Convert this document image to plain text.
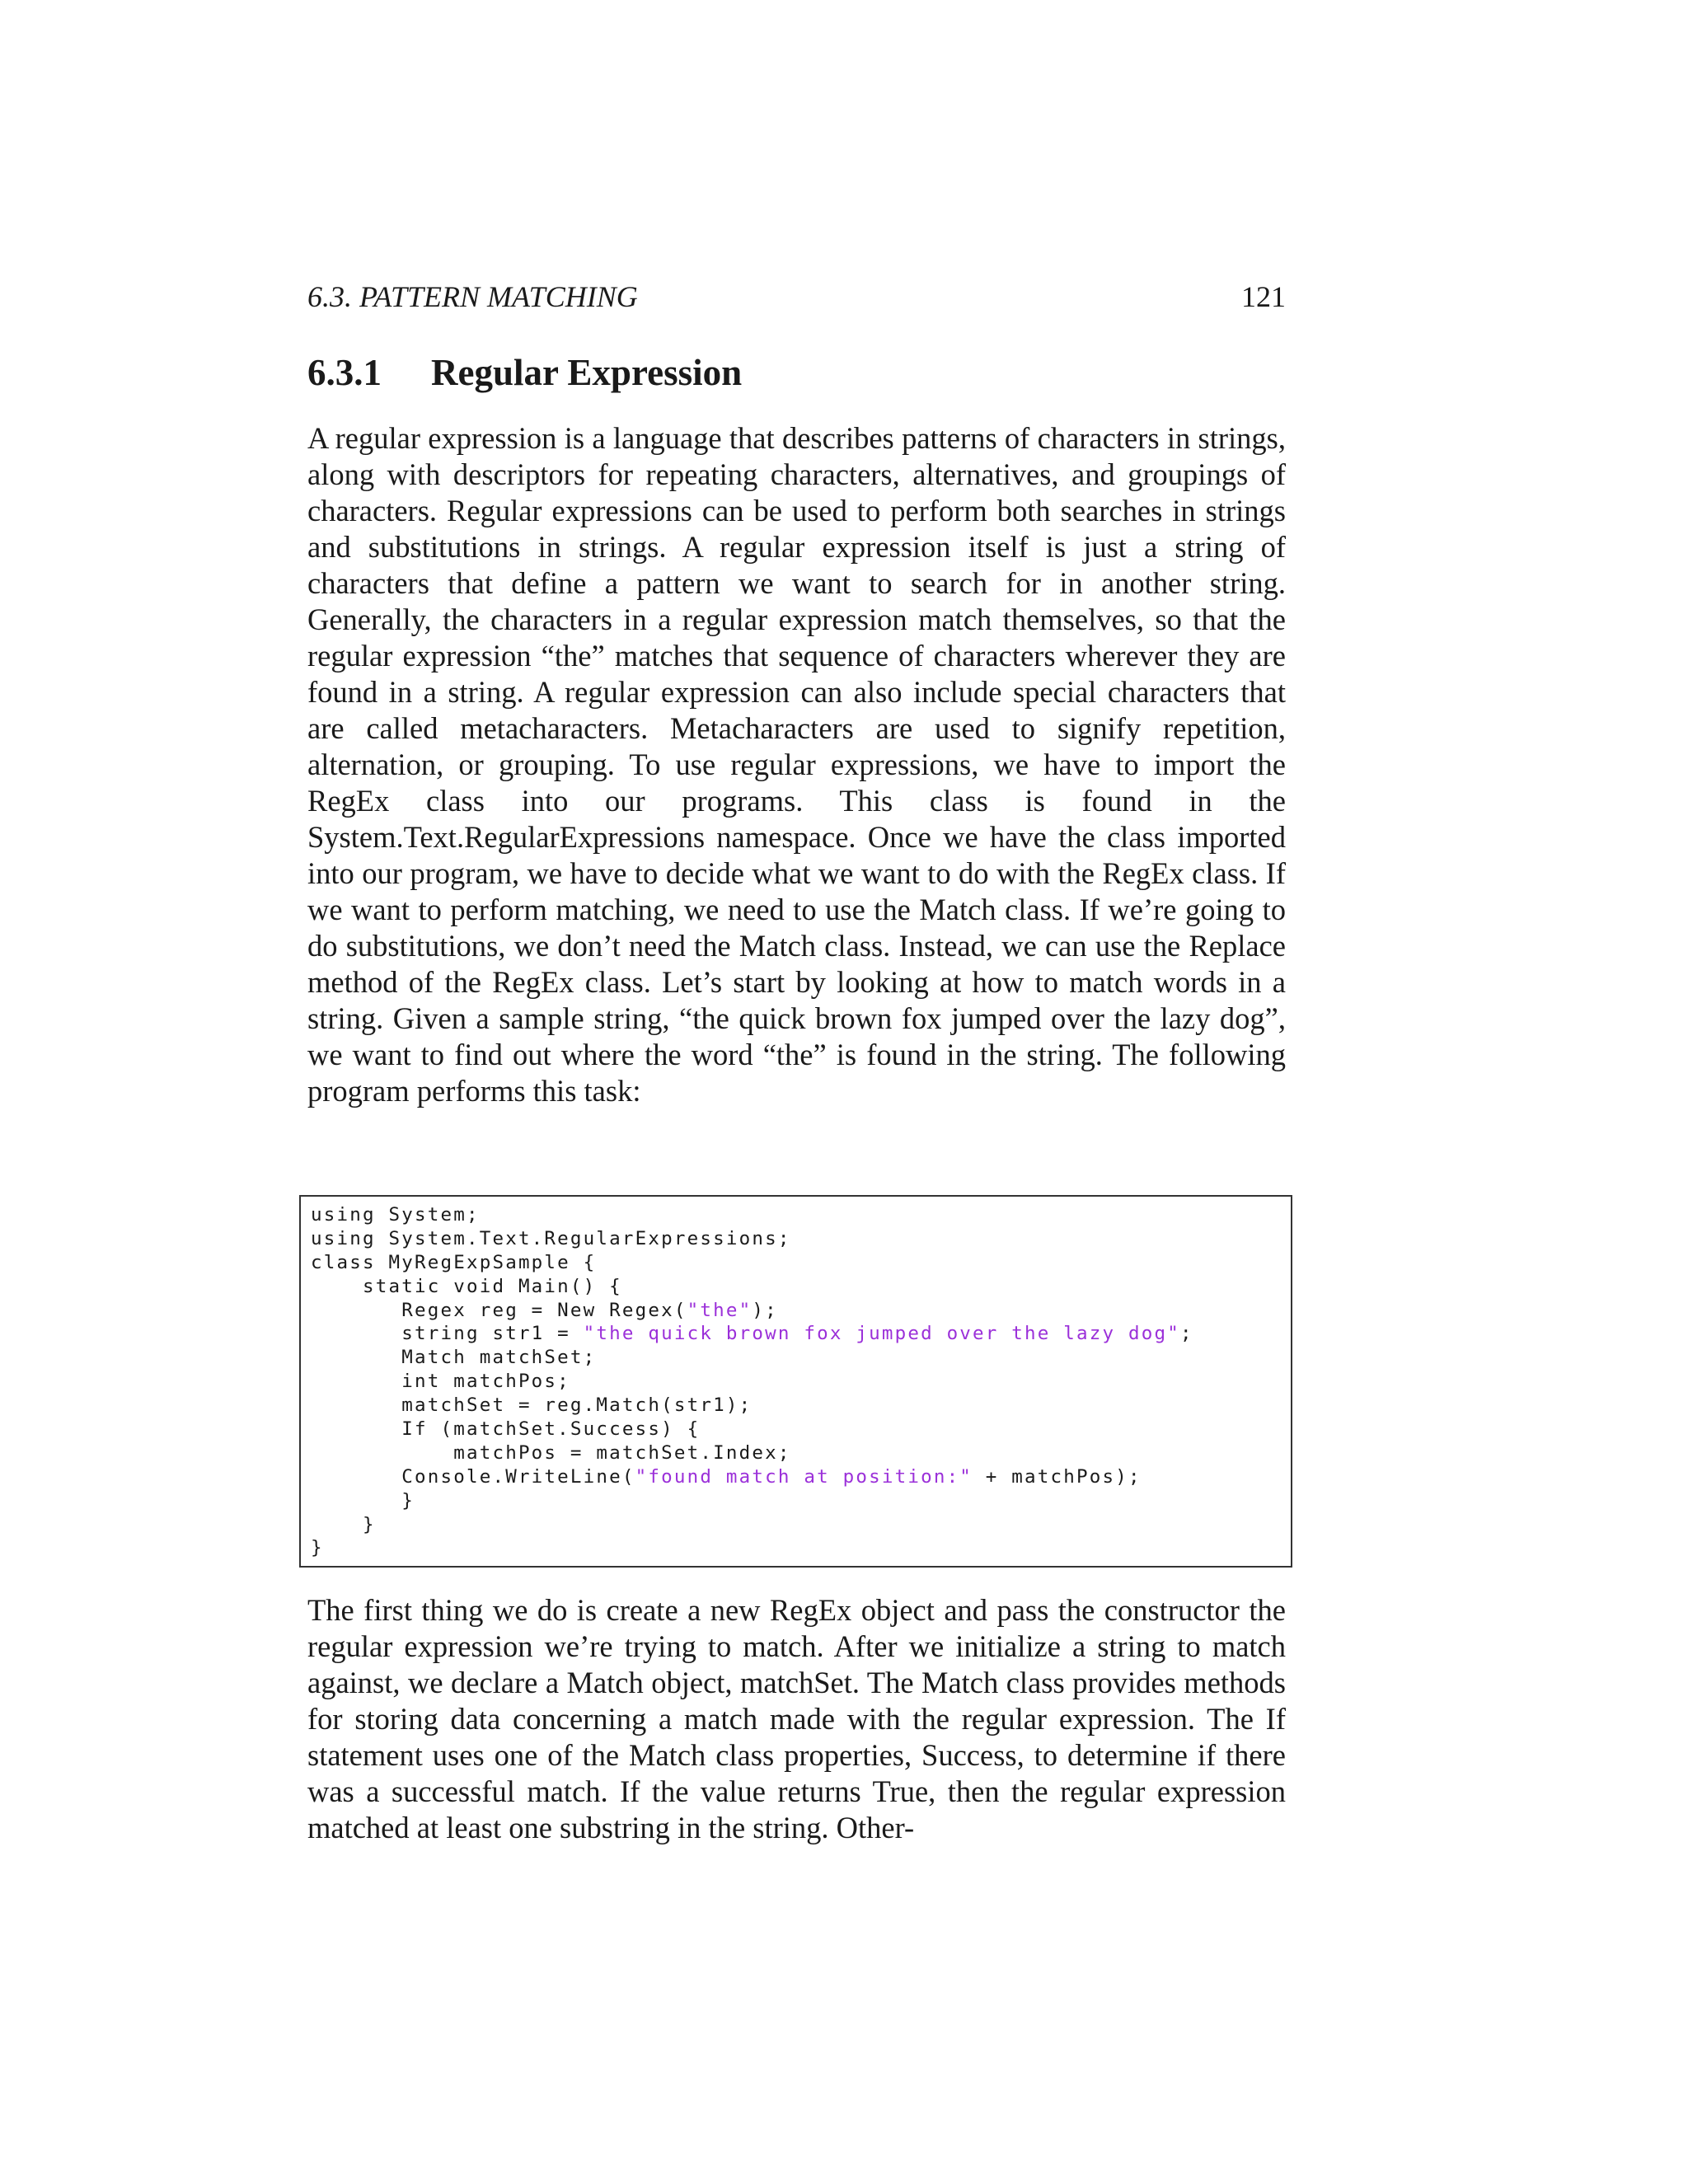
6.3. PATTERN MATCHING	121
6.3.1 Regular Expression

A regular expression is a language that describes patterns of characters in strings, along with descriptors for repeating characters, alternatives, and groupings of characters. Regular expressions can be used to perform both searches in strings and substitutions in strings. A regular expression itself is just a string of characters that define a pattern we want to search for in another string. Generally, the characters in a regular expression match themselves, so that the regular expression “the” matches that sequence of characters wherever they are found in a string. A regular expression can also include special characters that are called metacharacters. Metacharacters are used to signify repetition, alternation, or grouping. To use regular expressions, we have to import the RegEx class into our programs. This class is found in the System.Text.RegularExpressions namespace. Once we have the class imported into our program, we have to decide what we want to do with the RegEx class. If we want to perform matching, we need to use the Match class. If we’re going to do substitutions, we don’t need the Match class. Instead, we can use the Replace method of the RegEx class. Let’s start by looking at how to match words in a string. Given a sample string, “the quick brown fox jumped over the lazy dog”, we want to find out where the word “the” is found in the string. The following program performs this task:

using System;
using System.Text.RegularExpressions;
class MyRegExpSample {
static void Main() {
Regex reg = New Regex("the");
string str1 = "the quick brown fox jumped over the lazy dog";
Match matchSet;
int matchPos;
matchSet = reg.Match(str1);
If (matchSet.Success) {
matchPos = matchSet.Index;
Console.WriteLine("found match at position:" + matchPos);
}
}
}

The first thing we do is create a new RegEx object and pass the constructor the regular expression we’re trying to match. After we initialize a string to match against, we declare a Match object, matchSet. The Match class provides methods for storing data concerning a match made with the regular expression. The If statement uses one of the Match class properties, Success, to determine if there was a successful match. If the value returns True, then the regular expression matched at least one substring in the string. Other-
